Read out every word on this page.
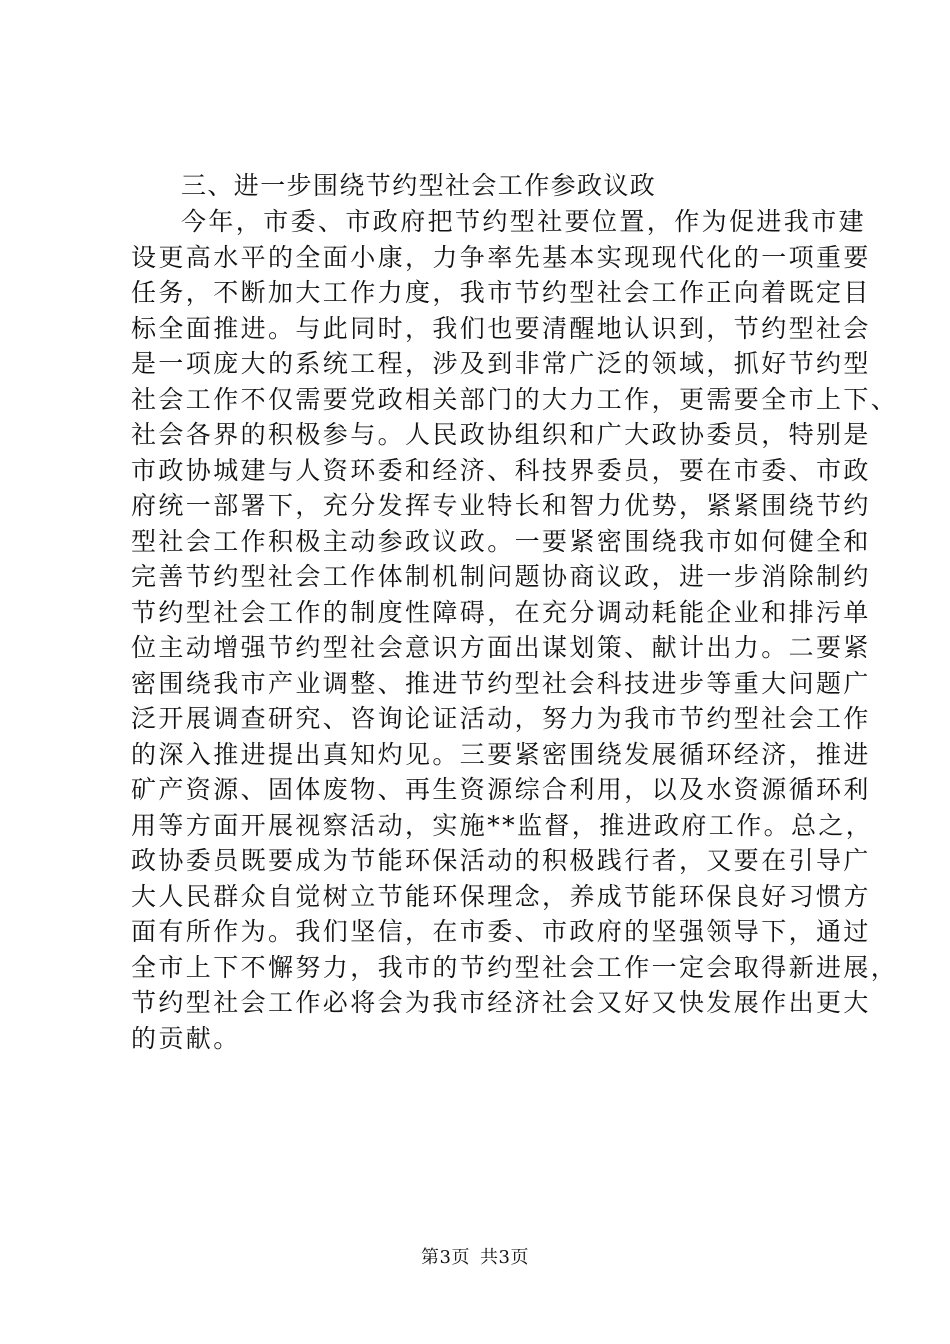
三、进一步围绕节约型社会工作参政议政
今年，市委、市政府把节约型社要位置，作为促进我市建
设更高水平的全面小康，力争率先基本实现现代化的一项重要
任务，不断加大工作力度，我市节约型社会工作正向着既定目
标全面推进。与此同时，我们也要清醒地认识到，节约型社会
是一项庞大的系统工程，涉及到非常广泛的领域，抓好节约型
社会工作不仅需要党政相关部门的大力工作，更需要全市上下、
社会各界的积极参与。人民政协组织和广大政协委员，特别是
市政协城建与人资环委和经济、科技界委员，要在市委、市政
府统一部署下，充分发挥专业特长和智力优势，紧紧围绕节约
型社会工作积极主动参政议政。一要紧密围绕我市如何健全和
完善节约型社会工作体制机制问题协商议政，进一步消除制约
节约型社会工作的制度性障碍，在充分调动耗能企业和排污单
位主动增强节约型社会意识方面出谋划策、献计出力。二要紧
密围绕我市产业调整、推进节约型社会科技进步等重大问题广
泛开展调查研究、咨询论证活动，努力为我市节约型社会工作
的深入推进提出真知灼见。三要紧密围绕发展循环经济，推进
矿产资源、固体废物、再生资源综合利用，以及水资源循环利
用等方面开展视察活动，实施**监督，推进政府工作。总之，
政协委员既要成为节能环保活动的积极践行者，又要在引导广
大人民群众自觉树立节能环保理念，养成节能环保良好习惯方
面有所作为。我们坚信，在市委、市政府的坚强领导下，通过
全市上下不懈努力，我市的节约型社会工作一定会取得新进展，
节约型社会工作必将会为我市经济社会又好又快发展作出更大
的贡献。
第3页 共3页
